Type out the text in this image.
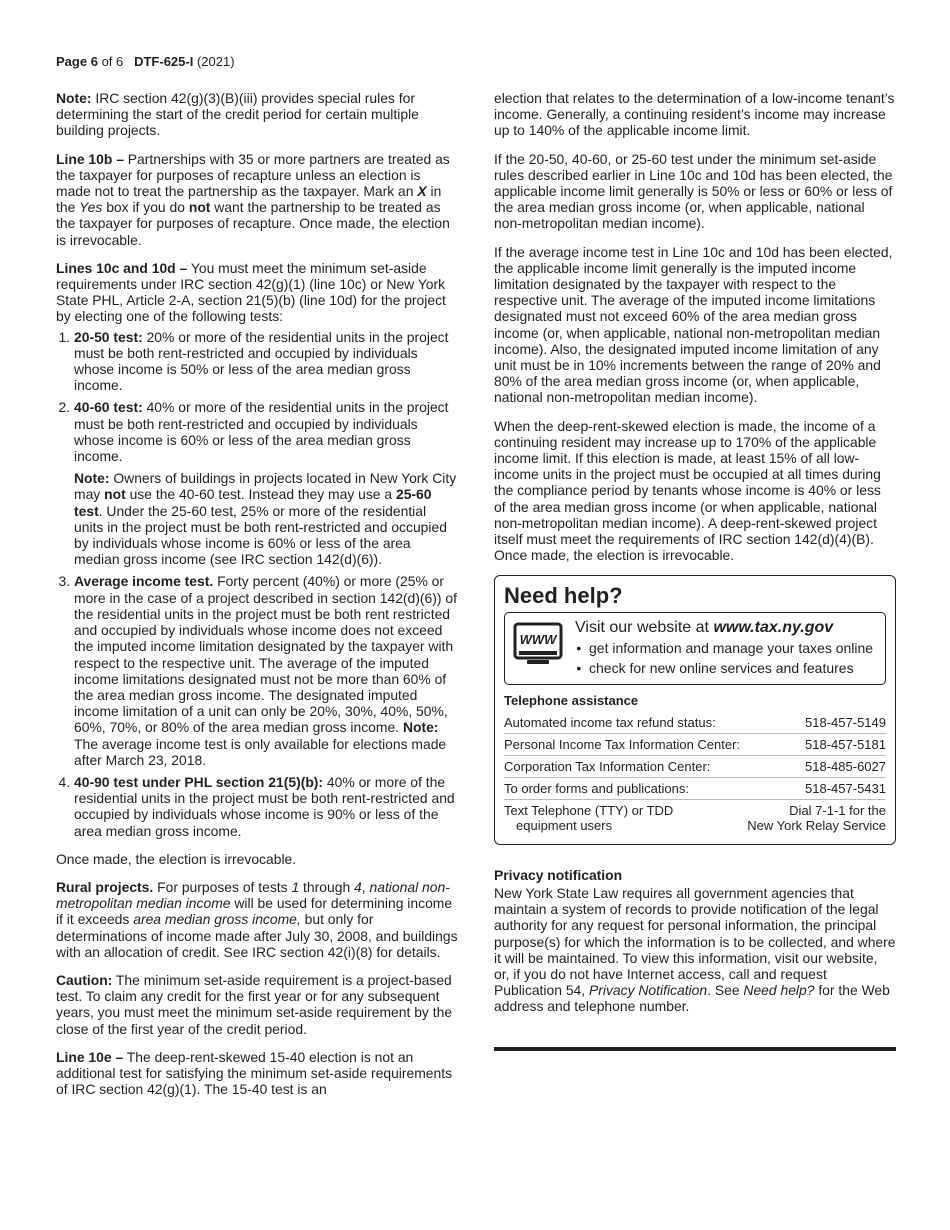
Page 6 of 6 DTF-625-I (2021)

Note: IRC section 42(g)(3)(B)(iii) provides special rules for determining the start of the credit period for certain multiple building projects.

Line 10b – Partnerships with 35 or more partners are treated as the taxpayer for purposes of recapture unless an election is made not to treat the partnership as the taxpayer. Mark an X in the Yes box if you do not want the partnership to be treated as the taxpayer for purposes of recapture. Once made, the election is irrevocable.

Lines 10c and 10d – You must meet the minimum set-aside requirements under IRC section 42(g)(1) (line 10c) or New York State PHL, Article 2-A, section 21(5)(b) (line 10d) for the project by electing one of the following tests:

1. 20-50 test: 20% or more of the residential units in the project must be both rent-restricted and occupied by individuals whose income is 50% or less of the area median gross income.
2. 40-60 test: 40% or more of the residential units in the project must be both rent-restricted and occupied by individuals whose income is 60% or less of the area median gross income.
Note: Owners of buildings in projects located in New York City may not use the 40-60 test. Instead they may use a 25-60 test. Under the 25-60 test, 25% or more of the residential units in the project must be both rent-restricted and occupied by individuals whose income is 60% or less of the area median gross income (see IRC section 142(d)(6)).
3. Average income test. Forty percent (40%) or more (25% or more in the case of a project described in section 142(d)(6)) of the residential units in the project must be both rent restricted and occupied by individuals whose income does not exceed the imputed income limitation designated by the taxpayer with respect to the respective unit. The average of the imputed income limitations designated must not be more than 60% of the area median gross income. The designated imputed income limitation of a unit can only be 20%, 30%, 40%, 50%, 60%, 70%, or 80% of the area median gross income. Note: The average income test is only available for elections made after March 23, 2018.
4. 40-90 test under PHL section 21(5)(b): 40% or more of the residential units in the project must be both rent-restricted and occupied by individuals whose income is 90% or less of the area median gross income.

Once made, the election is irrevocable.

Rural projects. For purposes of tests 1 through 4, national non-metropolitan median income will be used for determining income if it exceeds area median gross income, but only for determinations of income made after July 30, 2008, and buildings with an allocation of credit. See IRC section 42(i)(8) for details.

Caution: The minimum set-aside requirement is a project-based test. To claim any credit for the first year or for any subsequent years, you must meet the minimum set-aside requirement by the close of the first year of the credit period.

Line 10e – The deep-rent-skewed 15-40 election is not an additional test for satisfying the minimum set-aside requirements of IRC section 42(g)(1). The 15-40 test is an

election that relates to the determination of a low-income tenant’s income. Generally, a continuing resident’s income may increase up to 140% of the applicable income limit.

If the 20-50, 40-60, or 25-60 test under the minimum set-aside rules described earlier in Line 10c and 10d has been elected, the applicable income limit generally is 50% or less or 60% or less of the area median gross income (or, when applicable, national non-metropolitan median income).

If the average income test in Line 10c and 10d has been elected, the applicable income limit generally is the imputed income limitation designated by the taxpayer with respect to the respective unit. The average of the imputed income limitations designated must not exceed 60% of the area median gross income (or, when applicable, national non-metropolitan median income). Also, the designated imputed income limitation of any unit must be in 10% increments between the range of 20% and 80% of the area median gross income (or, when applicable, national non-metropolitan median income).

When the deep-rent-skewed election is made, the income of a continuing resident may increase up to 170% of the applicable income limit. If this election is made, at least 15% of all low-income units in the project must be occupied at all times during the compliance period by tenants whose income is 40% or less of the area median gross income (or when applicable, national non-metropolitan median income). A deep-rent-skewed project itself must meet the requirements of IRC section 142(d)(4)(B). Once made, the election is irrevocable.

Need help?
WWW
Visit our website at www.tax.ny.gov
• get information and manage your taxes online
• check for new online services and features
Telephone assistance
Automated income tax refund status:	518-457-5149
Personal Income Tax Information Center:	518-457-5181
Corporation Tax Information Center:	518-485-6027
To order forms and publications:	518-457-5431
Text Telephone (TTY) or TDD
equipment users	Dial 7-1-1 for the
New York Relay Service
Privacy notification

New York State Law requires all government agencies that maintain a system of records to provide notification of the legal authority for any request for personal information, the principal purpose(s) for which the information is to be collected, and where it will be maintained. To view this information, visit our website, or, if you do not have Internet access, call and request Publication 54, Privacy Notification. See Need help? for the Web address and telephone number.
